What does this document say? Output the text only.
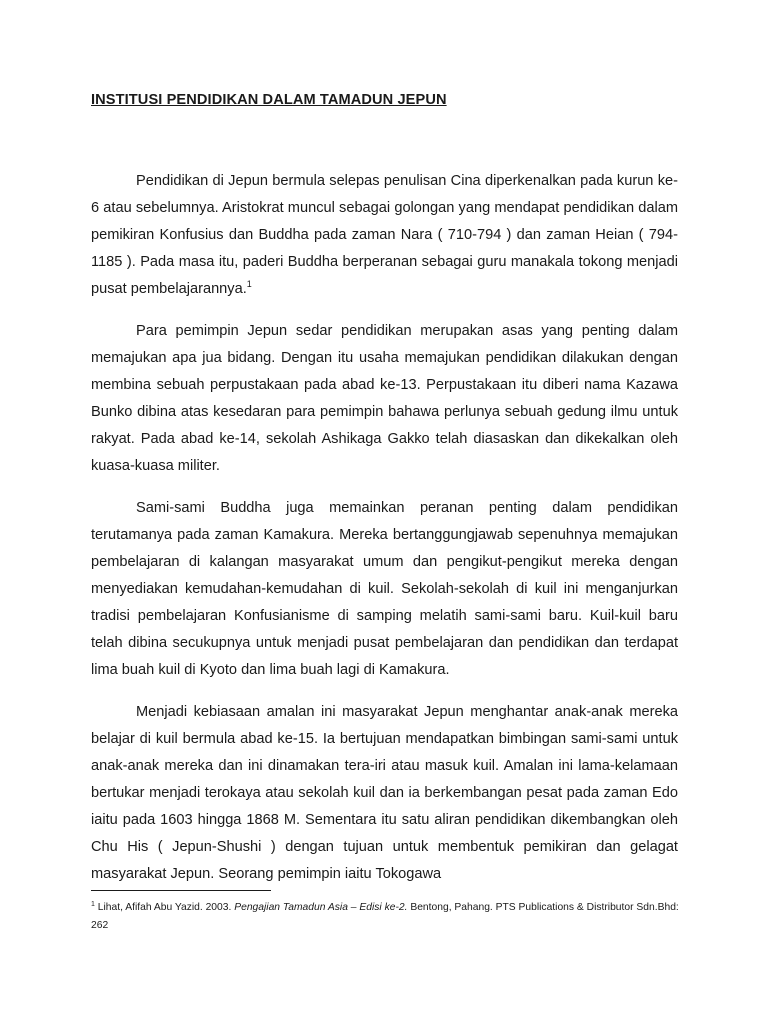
INSTITUSI PENDIDIKAN DALAM TAMADUN JEPUN

Pendidikan di Jepun bermula selepas penulisan Cina diperkenalkan pada kurun ke-6 atau sebelumnya. Aristokrat muncul sebagai golongan yang mendapat pendidikan dalam pemikiran Konfusius dan Buddha pada zaman Nara ( 710-794 ) dan zaman Heian ( 794-1185 ). Pada masa itu, paderi Buddha berperanan sebagai guru manakala tokong menjadi pusat pembelajarannya.$^1$

Para pemimpin Jepun sedar pendidikan merupakan asas yang penting dalam memajukan apa jua bidang. Dengan itu usaha memajukan pendidikan dilakukan dengan membina sebuah perpustakaan pada abad ke-13. Perpustakaan itu diberi nama Kazawa Bunko dibina atas kesedaran para pemimpin bahawa perlunya sebuah gedung ilmu untuk rakyat. Pada abad ke-14, sekolah Ashikaga Gakko telah diasaskan dan dikekalkan oleh kuasa-kuasa militer.

Sami-sami Buddha juga memainkan peranan penting dalam pendidikan terutamanya pada zaman Kamakura. Mereka bertanggungjawab sepenuhnya memajukan pembelajaran di kalangan masyarakat umum dan pengikut-pengikut mereka dengan menyediakan kemudahan-kemudahan di kuil. Sekolah-sekolah di kuil ini menganjurkan tradisi pembelajaran Konfusianisme di samping melatih sami-sami baru. Kuil-kuil baru telah dibina secukupnya untuk menjadi pusat pembelajaran dan pendidikan dan terdapat lima buah kuil di Kyoto dan lima buah lagi di Kamakura.

Menjadi kebiasaan amalan ini masyarakat Jepun menghantar anak-anak mereka belajar di kuil bermula abad ke-15. Ia bertujuan mendapatkan bimbingan sami-sami untuk anak-anak mereka dan ini dinamakan tera-iri atau masuk kuil. Amalan ini lama-kelamaan bertukar menjadi terokaya atau sekolah kuil dan ia berkembangan pesat pada zaman Edo iaitu pada 1603 hingga 1868 M. Sementara itu satu aliran pendidikan dikembangkan oleh Chu His ( Jepun-Shushi ) dengan tujuan untuk membentuk pemikiran dan gelagat masyarakat Jepun. Seorang pemimpin iaitu Tokogawa

$^1$ Lihat, Afifah Abu Yazid. 2003. Pengajian Tamadun Asia – Edisi ke-2. Bentong, Pahang. PTS Publications & Distributor Sdn.Bhd: 262
